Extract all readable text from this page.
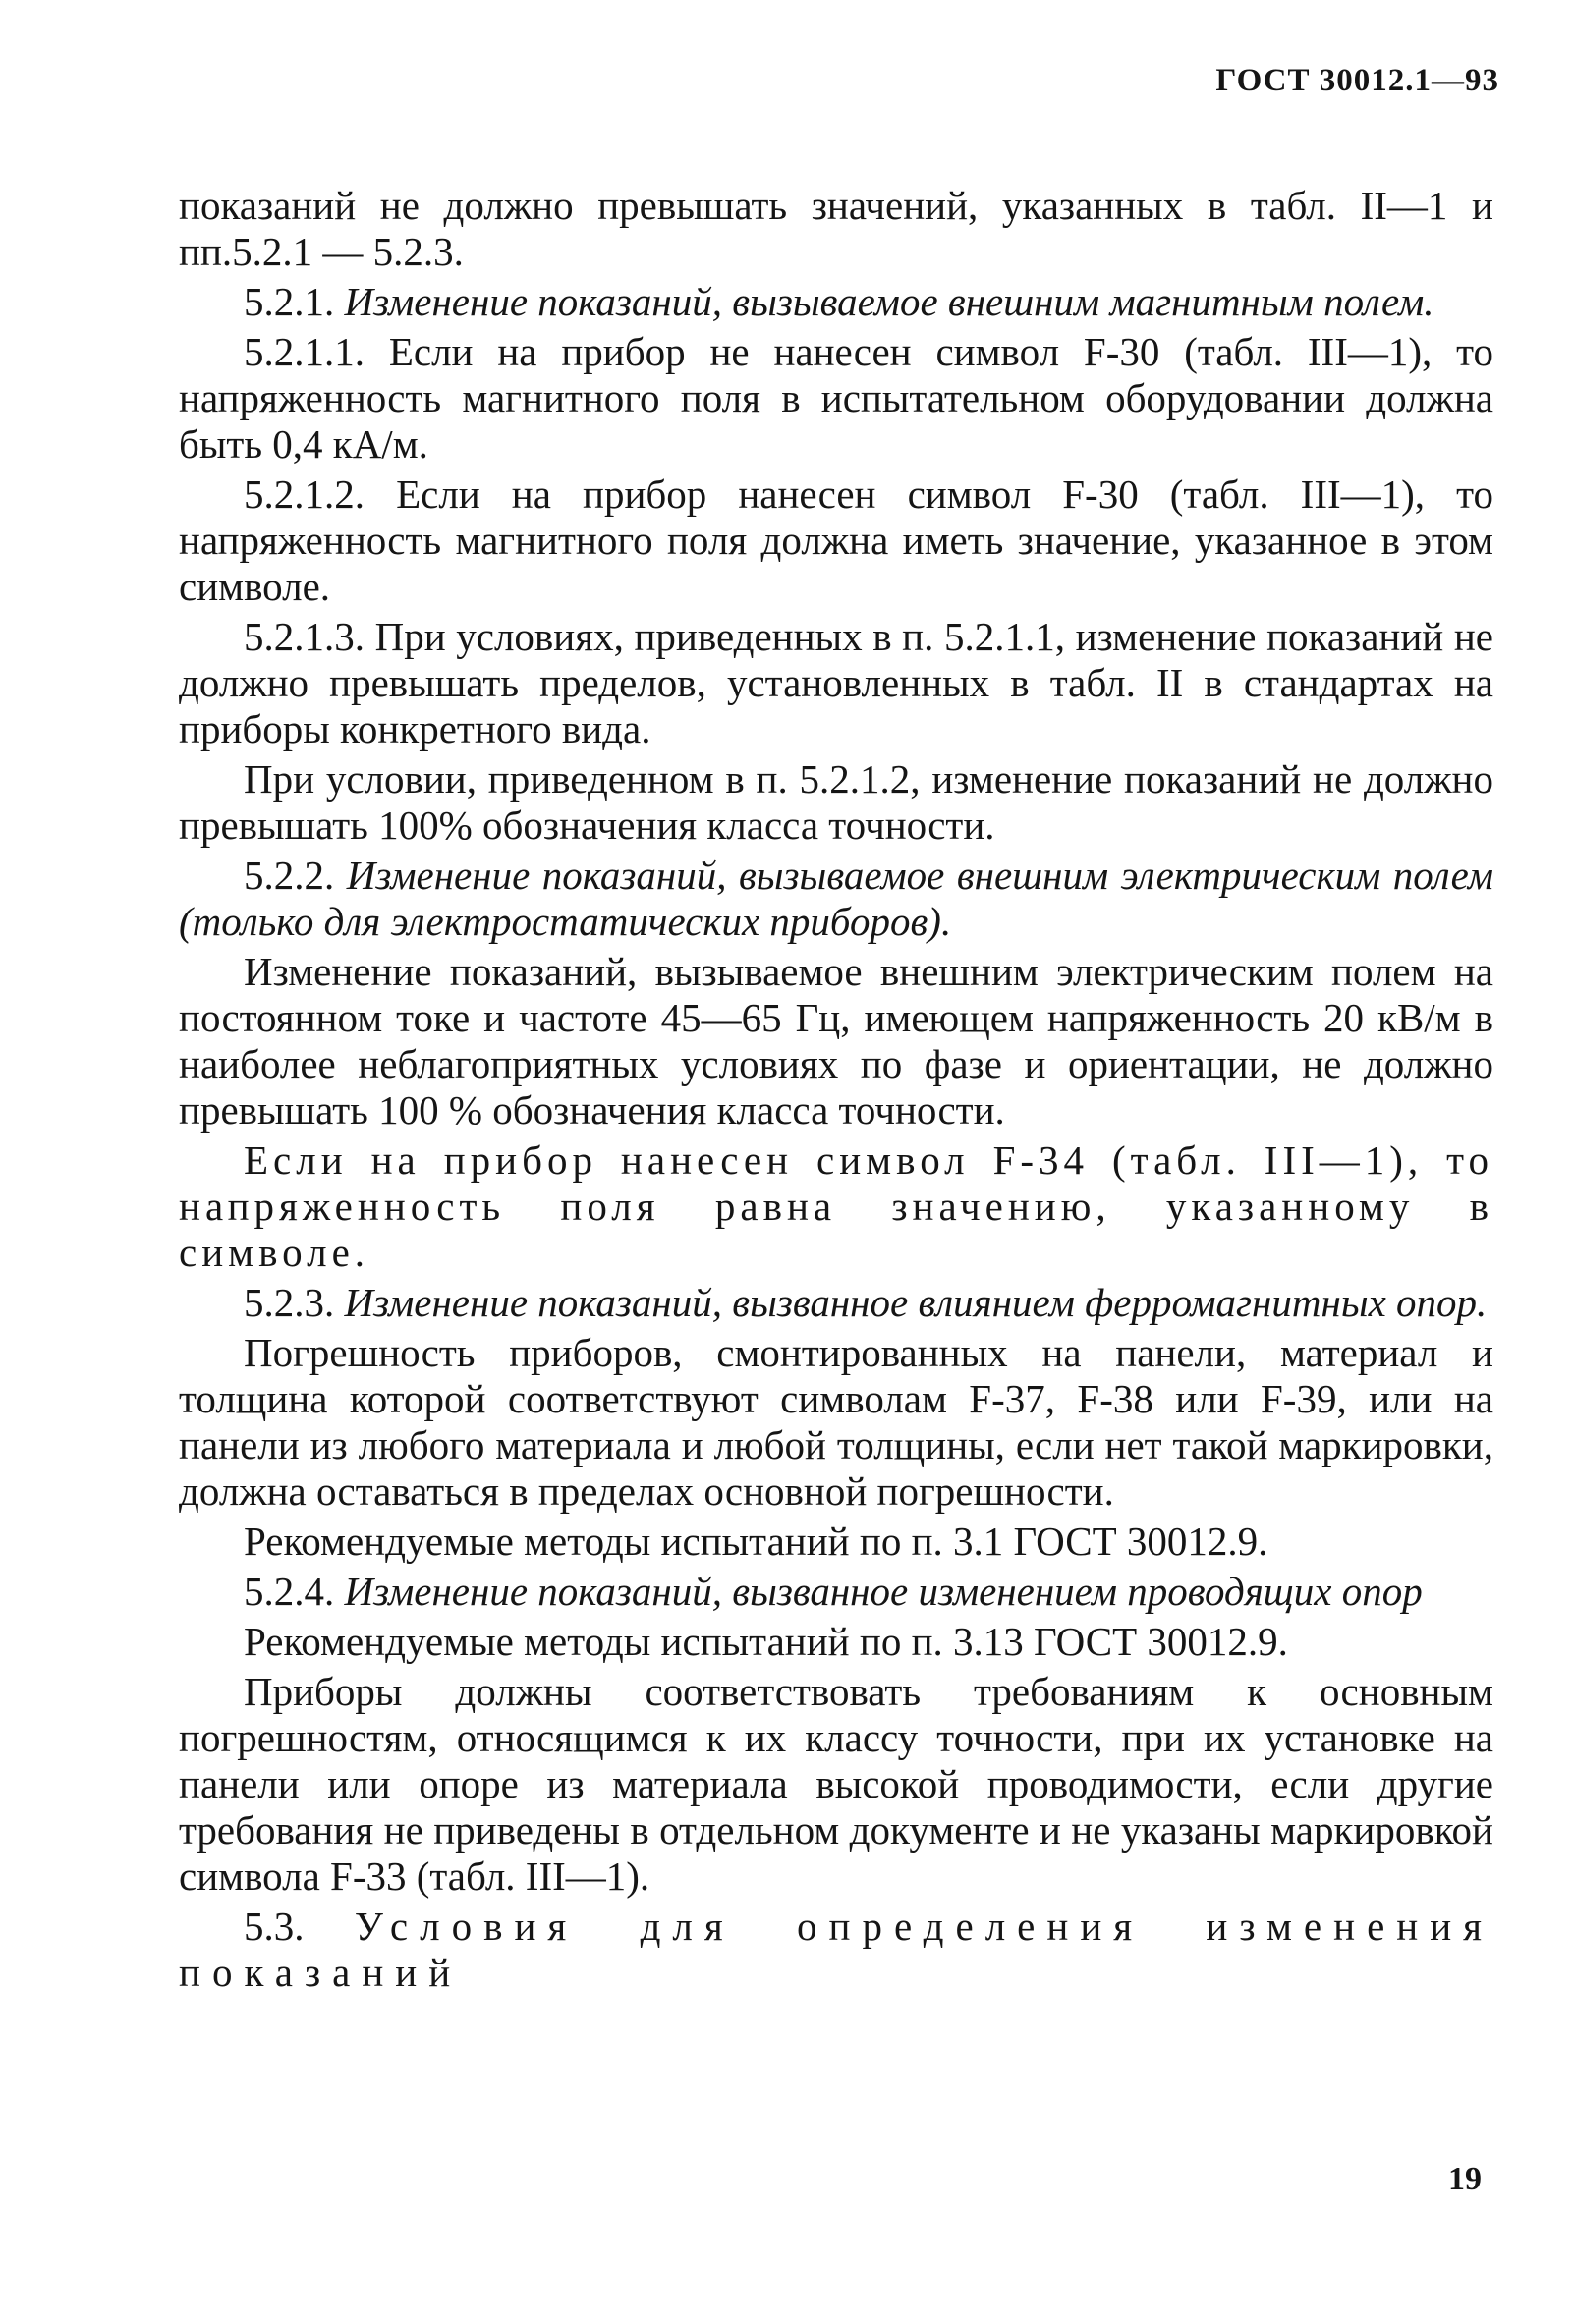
ГОСТ 30012.1—93

показаний не должно превышать значений, указанных в табл. II—1 и пп.5.2.1 — 5.2.3.

5.2.1. Изменение показаний, вызываемое внешним магнитным полем.

5.2.1.1. Если на прибор не нанесен символ F-30 (табл. III—1), то напряженность магнитного поля в испытательном оборудовании должна быть 0,4 кА/м.

5.2.1.2. Если на прибор нанесен символ F-30 (табл. III—1), то напряженность магнитного поля должна иметь значение, указанное в этом символе.

5.2.1.3. При условиях, приведенных в п. 5.2.1.1, изменение показаний не должно превышать пределов, установленных в табл. II в стандартах на приборы конкретного вида.

При условии, приведенном в п. 5.2.1.2, изменение показаний не должно превышать 100% обозначения класса точности.

5.2.2. Изменение показаний, вызываемое внешним электрическим полем (только для электростатических приборов).

Изменение показаний, вызываемое внешним электрическим полем на постоянном токе и частоте 45—65 Гц, имеющем напряженность 20 кВ/м в наиболее неблагоприятных условиях по фазе и ориентации, не должно превышать 100 % обозначения класса точности.

Если на прибор нанесен символ F-34 (табл. III—1), то напряженность поля равна значению, указанному в символе.

5.2.3. Изменение показаний, вызванное влиянием ферромагнитных опор.

Погрешность приборов, смонтированных на панели, материал и толщина которой соответствуют символам F-37, F-38 или F-39, или на панели из любого материала и любой толщины, если нет такой маркировки, должна оставаться в пределах основной погрешности.

Рекомендуемые методы испытаний по п. 3.1 ГОСТ 30012.9.

5.2.4. Изменение показаний, вызванное изменением проводящих опор

Рекомендуемые методы испытаний по п. 3.13 ГОСТ 30012.9.

Приборы должны соответствовать требованиям к основным погрешностям, относящимся к их классу точности, при их установке на панели или опоре из материала высокой проводимости, если другие требования не приведены в отдельном документе и не указаны маркировкой символа F-33 (табл. III—1).

5.3. Условия для определения изменения показаний

19
